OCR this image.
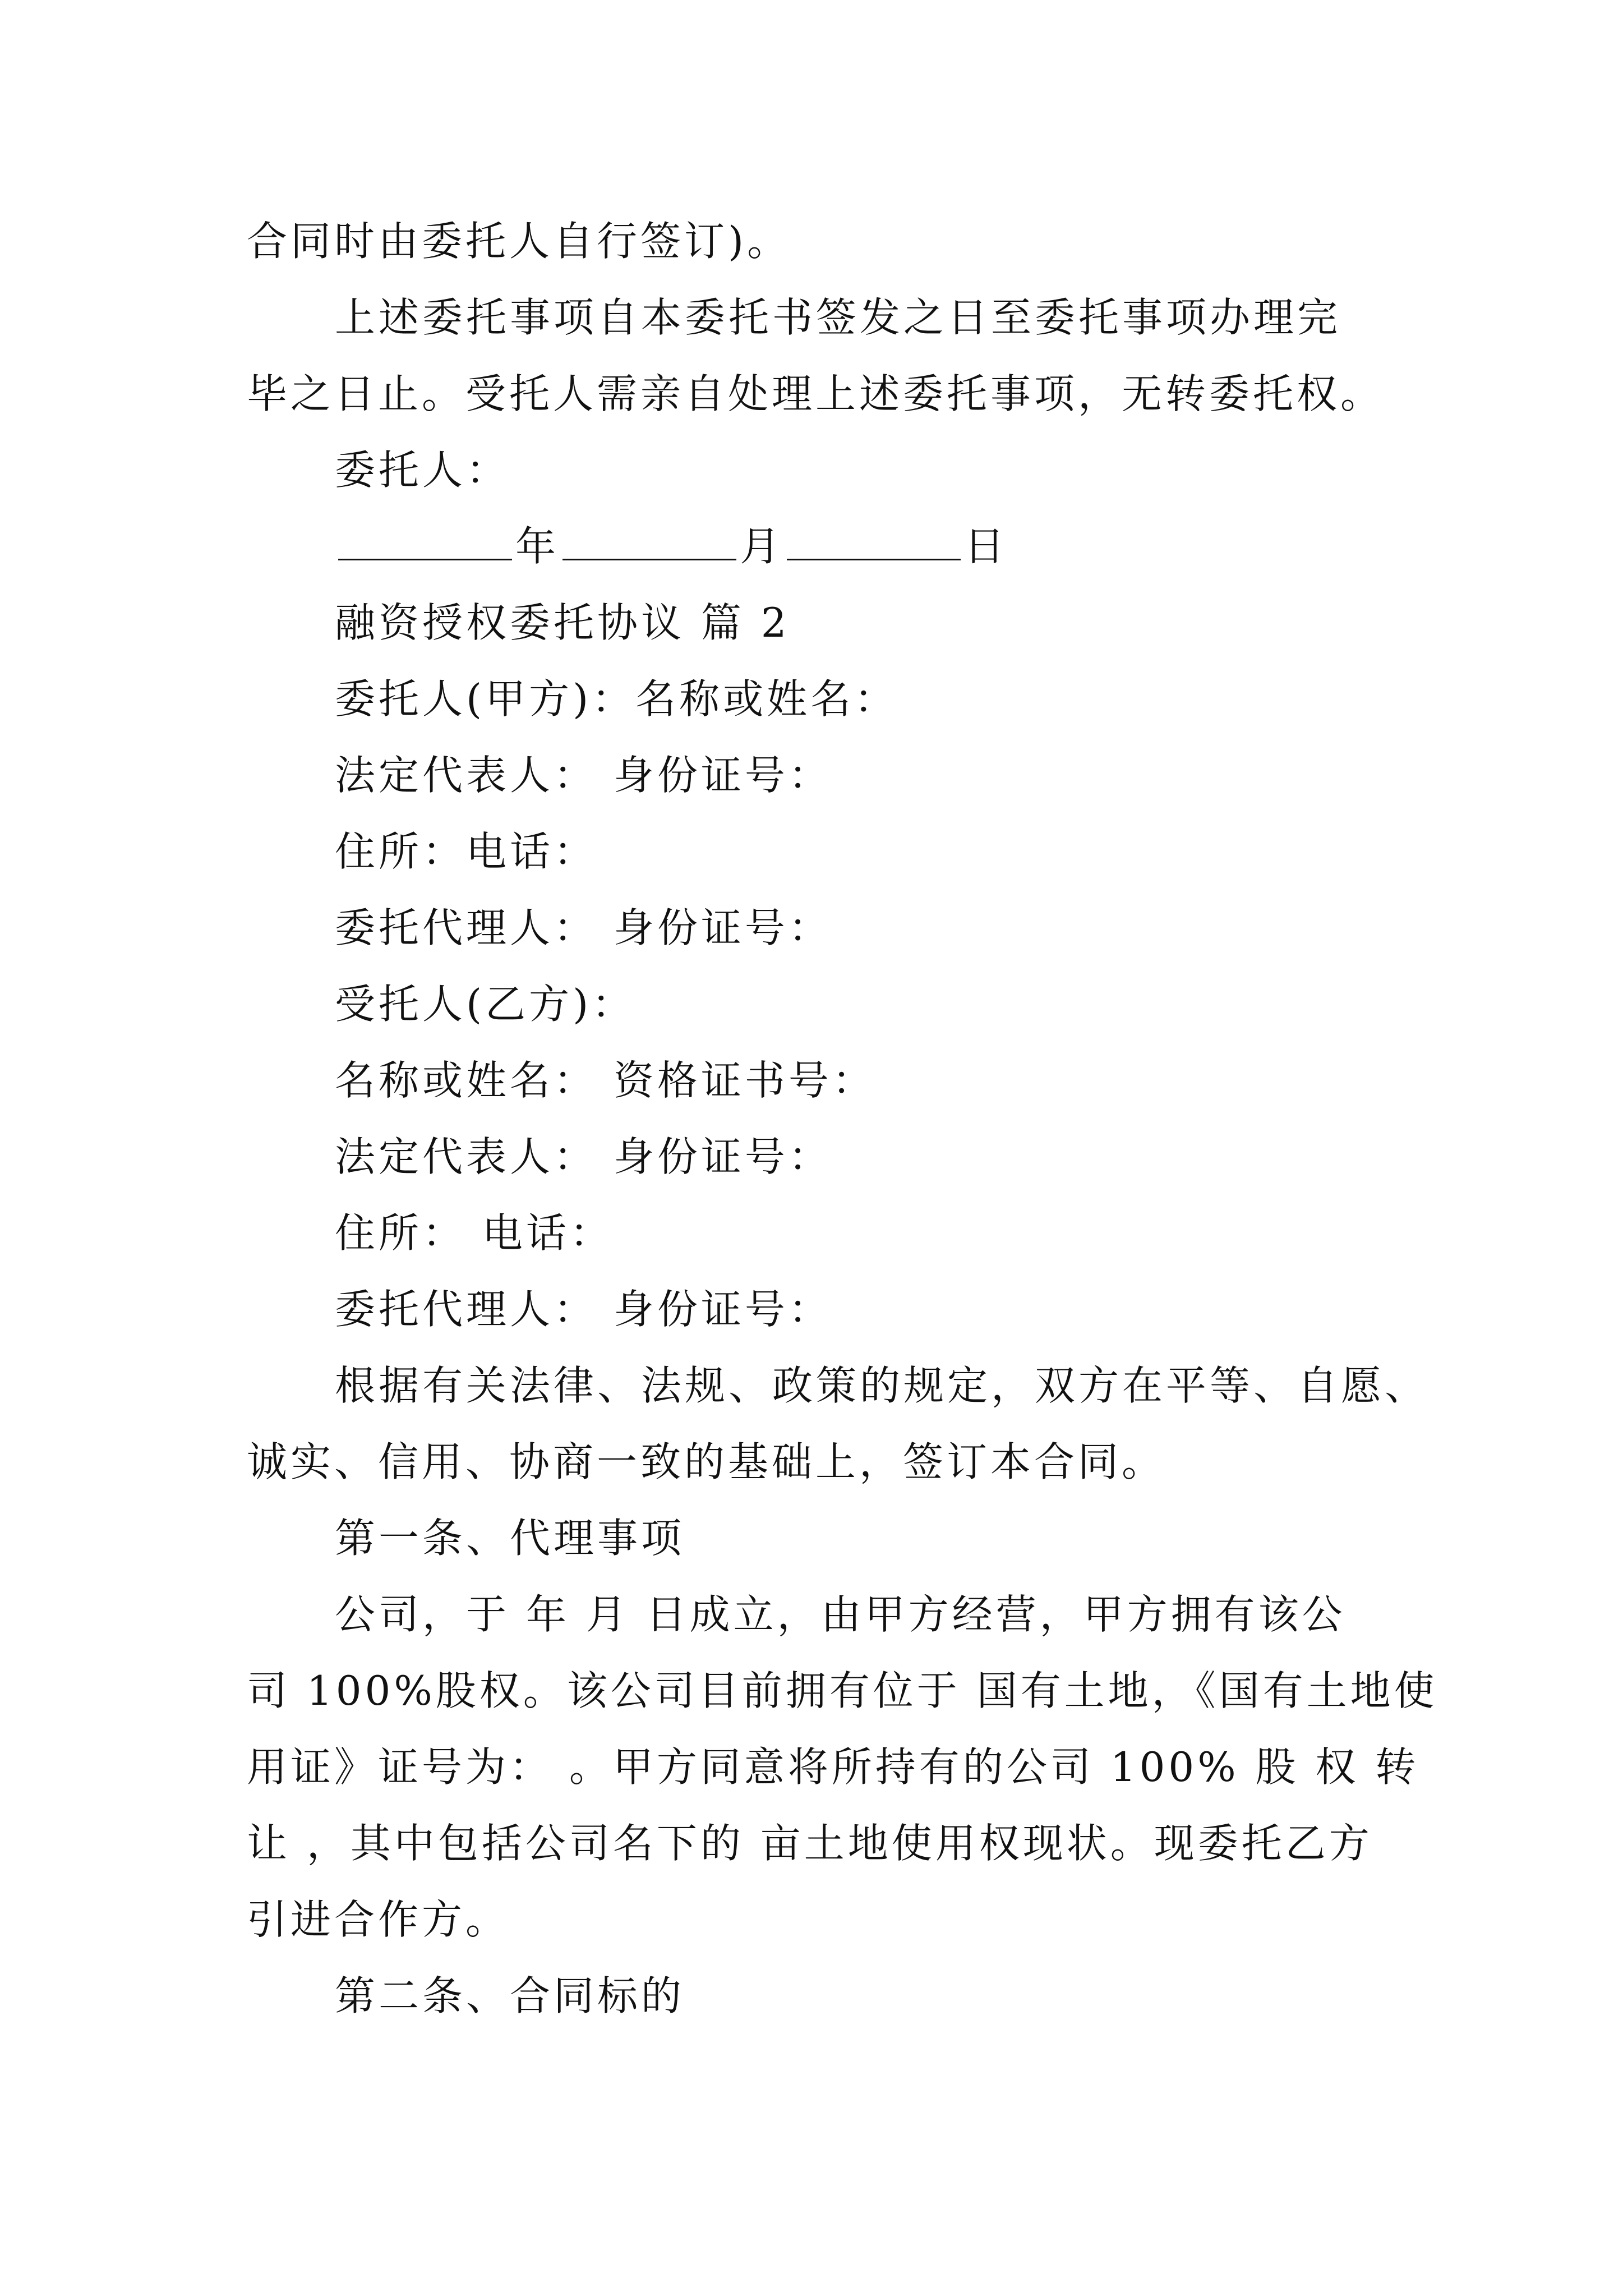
合同时由委托人自行签订)。
上述委托事项自本委托书签发之日至委托事项办理完
毕之日止。受托人需亲自处理上述委托事项，无转委托权。
委托人：
年	月	日
融资授权委托协议 篇 2
委托人(甲方)：名称或姓名：
法定代表人： 身份证号：
住所：电话：
委托代理人： 身份证号：
受托人(乙方)：
名称或姓名： 资格证书号：
法定代表人： 身份证号：
住所： 电话：
委托代理人： 身份证号：
根据有关法律、法规、政策的规定，双方在平等、自愿、
诚实、信用、协商一致的基础上，签订本合同。
第一条、代理事项
公司，于 年 月 日成立，由甲方经营，甲方拥有该公
司 100%股权。该公司目前拥有位于 国有土地，《国有土地使
用证》证号为： 。甲方同意将所持有的公司 100% 股 权 转
让 ，其中包括公司名下的 亩土地使用权现状。现委托乙方
引进合作方。
第二条、合同标的
